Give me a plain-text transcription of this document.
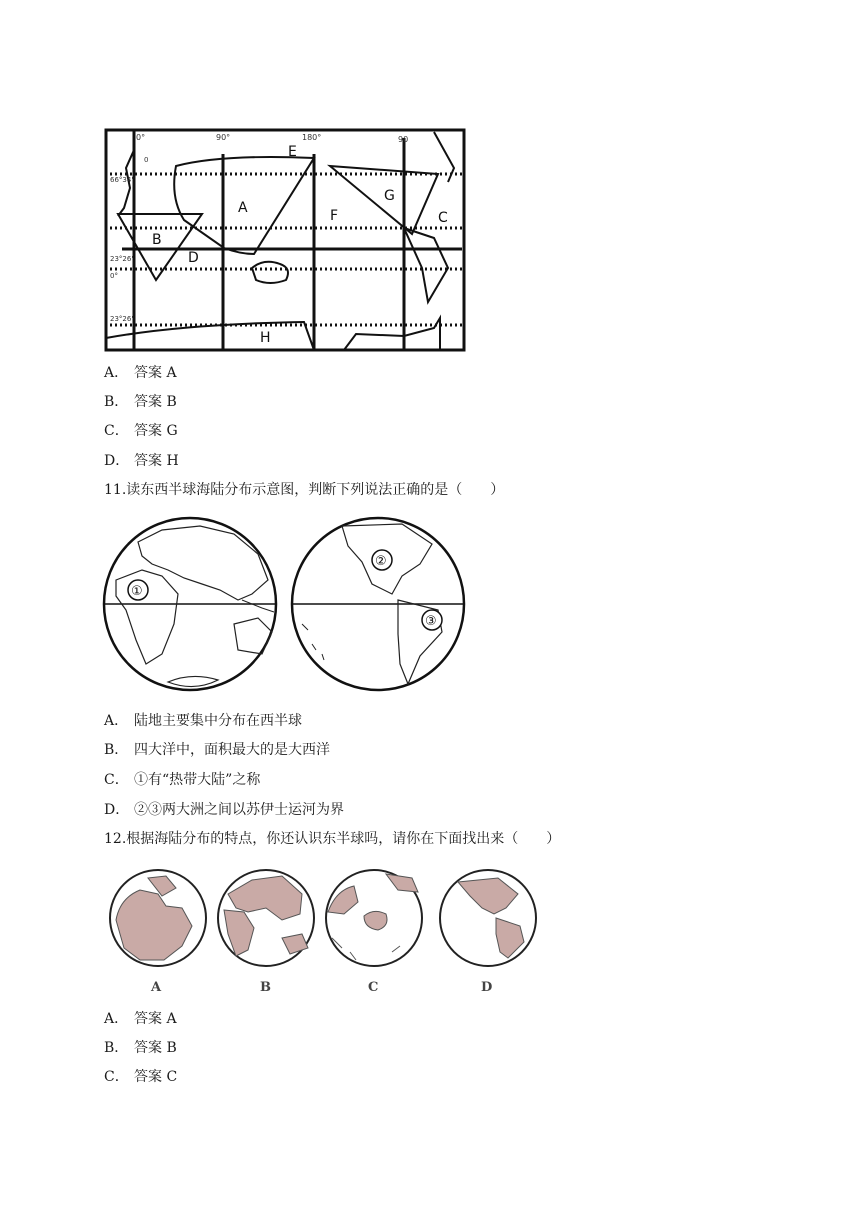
0°	90°	180°	90
0
66°34'
23°26'
0°
23°26'
A
B
C
D
E
F
G
H
A． 答案 A
B． 答案 B
C． 答案 G
D． 答案 H
11.读东西半球海陆分布示意图，判断下列说法正确的是（　　）
①
②
③
A． 陆地主要集中分布在西半球
B． 四大洋中，面积最大的是大西洋
C． ①有“热带大陆”之称
D． ②③两大洲之间以苏伊士运河为界
12.根据海陆分布的特点，你还认识东半球吗，请你在下面找出来（　　）
A	B	C	D
A． 答案 A
B． 答案 B
C． 答案 C
